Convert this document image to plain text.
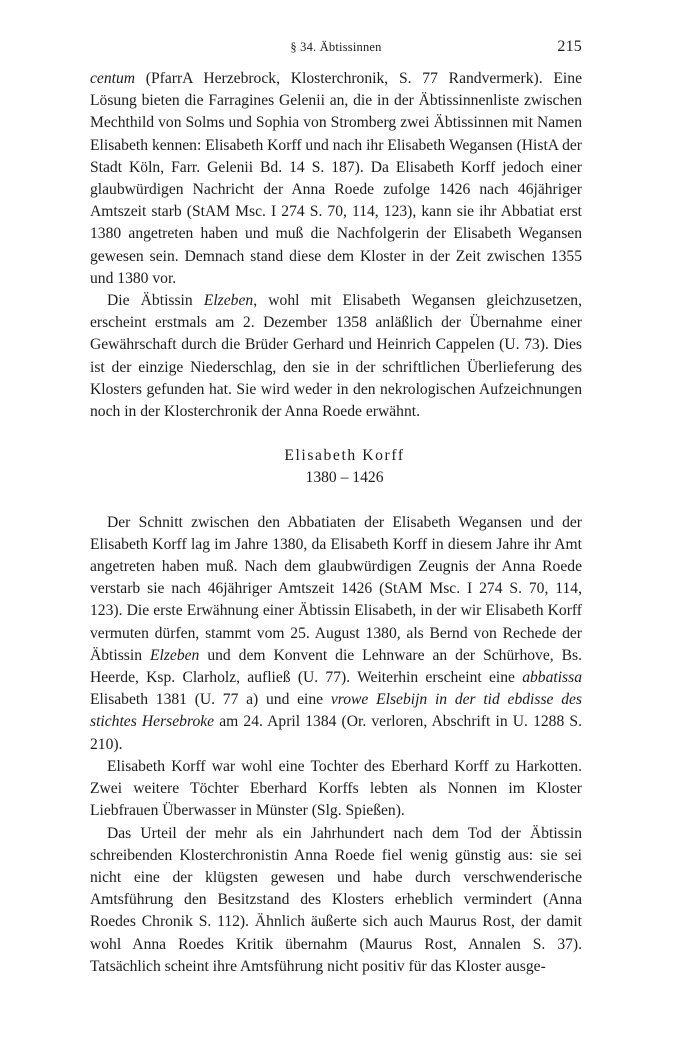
§ 34. Äbtissinnen	215

centum (PfarrA Herzebrock, Klosterchronik, S. 77 Randvermerk). Eine Lösung bieten die Farragines Gelenii an, die in der Äbtissinnenliste zwischen Mechthild von Solms und Sophia von Stromberg zwei Äbtissinnen mit Namen Elisabeth kennen: Elisabeth Korff und nach ihr Elisabeth Wegansen (HistA der Stadt Köln, Farr. Gelenii Bd. 14 S. 187). Da Elisabeth Korff jedoch einer glaubwürdigen Nachricht der Anna Roede zufolge 1426 nach 46jähriger Amtszeit starb (StAM Msc. I 274 S. 70, 114, 123), kann sie ihr Abbatiat erst 1380 angetreten haben und muß die Nachfolgerin der Elisabeth Wegansen gewesen sein. Demnach stand diese dem Kloster in der Zeit zwischen 1355 und 1380 vor.

Die Äbtissin Elzeben, wohl mit Elisabeth Wegansen gleichzusetzen, erscheint erstmals am 2. Dezember 1358 anläßlich der Übernahme einer Gewährschaft durch die Brüder Gerhard und Heinrich Cappelen (U. 73). Dies ist der einzige Niederschlag, den sie in der schriftlichen Überlieferung des Klosters gefunden hat. Sie wird weder in den nekrologischen Aufzeichnungen noch in der Klosterchronik der Anna Roede erwähnt.

Elisabeth Korff

1380 – 1426

Der Schnitt zwischen den Abbatiaten der Elisabeth Wegansen und der Elisabeth Korff lag im Jahre 1380, da Elisabeth Korff in diesem Jahre ihr Amt angetreten haben muß. Nach dem glaubwürdigen Zeugnis der Anna Roede verstarb sie nach 46jähriger Amtszeit 1426 (StAM Msc. I 274 S. 70, 114, 123). Die erste Erwähnung einer Äbtissin Elisabeth, in der wir Elisabeth Korff vermuten dürfen, stammt vom 25. August 1380, als Bernd von Rechede der Äbtissin Elzeben und dem Konvent die Lehnware an der Schürhove, Bs. Heerde, Ksp. Clarholz, aufließ (U. 77). Weiterhin erscheint eine abbatissa Elisabeth 1381 (U. 77 a) und eine vrowe Elsebijn in der tid ebdisse des stichtes Hersebroke am 24. April 1384 (Or. verloren, Abschrift in U. 1288 S. 210).

Elisabeth Korff war wohl eine Tochter des Eberhard Korff zu Harkotten. Zwei weitere Töchter Eberhard Korffs lebten als Nonnen im Kloster Liebfrauen Überwasser in Münster (Slg. Spießen).

Das Urteil der mehr als ein Jahrhundert nach dem Tod der Äbtissin schreibenden Klosterchronistin Anna Roede fiel wenig günstig aus: sie sei nicht eine der klügsten gewesen und habe durch verschwenderische Amtsführung den Besitzstand des Klosters erheblich vermindert (Anna Roedes Chronik S. 112). Ähnlich äußerte sich auch Maurus Rost, der damit wohl Anna Roedes Kritik übernahm (Maurus Rost, Annalen S. 37). Tatsächlich scheint ihre Amtsführung nicht positiv für das Kloster ausge-
